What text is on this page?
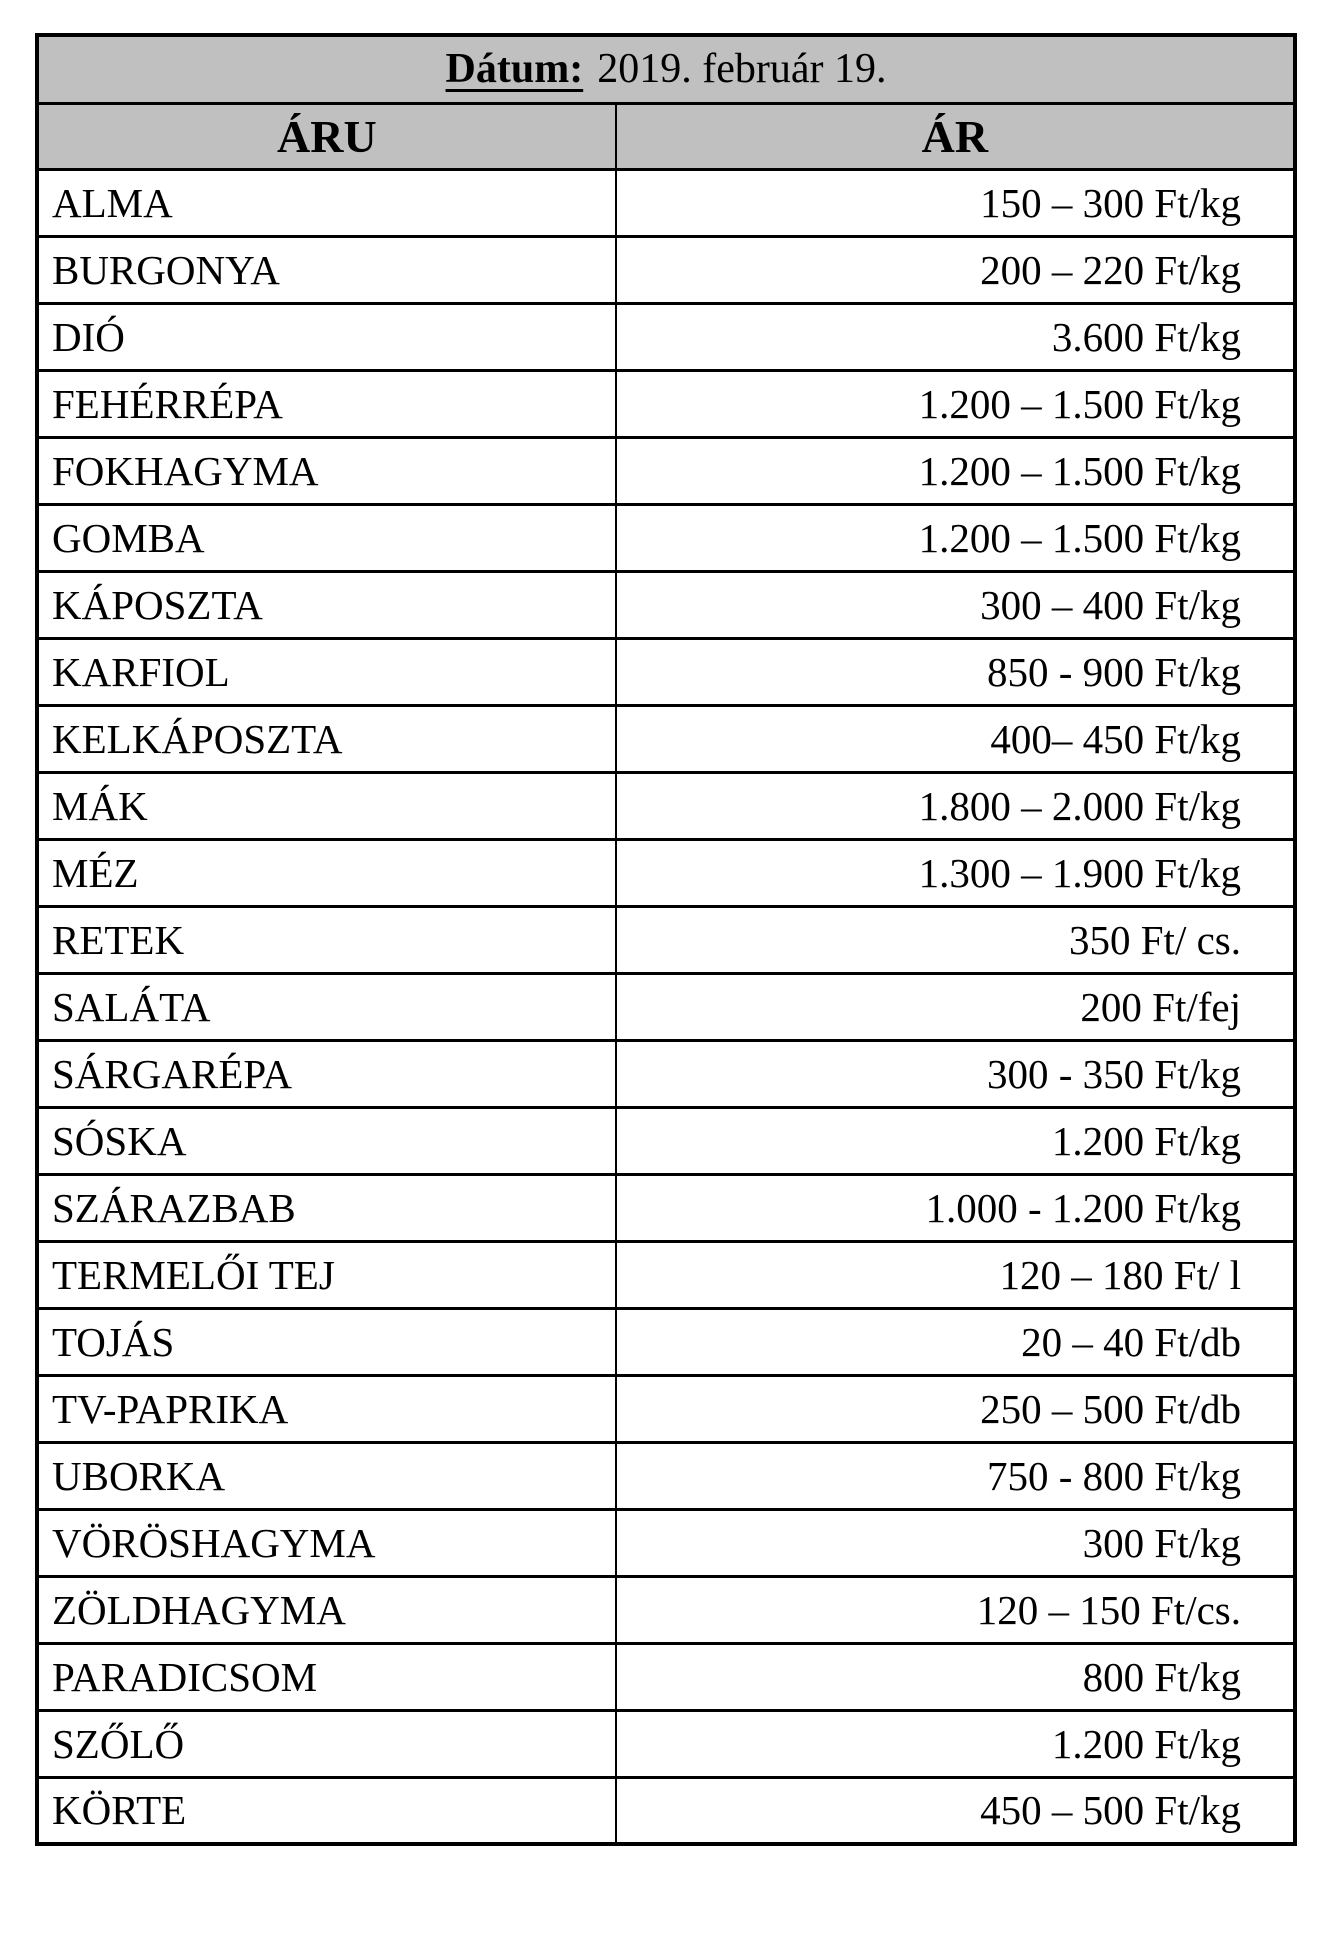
Dátum: 2019. február 19.	
ÁRU	ÁR
ALMA	150 – 300 Ft/kg
BURGONYA	200 – 220 Ft/kg
DIÓ	3.600 Ft/kg
FEHÉRRÉPA	1.200 – 1.500 Ft/kg
FOKHAGYMA	1.200 – 1.500 Ft/kg
GOMBA	1.200 – 1.500 Ft/kg
KÁPOSZTA	300 – 400 Ft/kg
KARFIOL	850 - 900 Ft/kg
KELKÁPOSZTA	400– 450 Ft/kg
MÁK	1.800 – 2.000 Ft/kg
MÉZ	1.300 – 1.900 Ft/kg
RETEK	350 Ft/ cs.
SALÁTA	200 Ft/fej
SÁRGARÉPA	300 - 350 Ft/kg
SÓSKA	1.200 Ft/kg
SZÁRAZBAB	1.000 - 1.200 Ft/kg
TERMELŐI TEJ	120 – 180 Ft/ l
TOJÁS	20 – 40 Ft/db
TV-PAPRIKA	250 – 500 Ft/db
UBORKA	750 - 800 Ft/kg
VÖRÖSHAGYMA	300 Ft/kg
ZÖLDHAGYMA	120 – 150 Ft/cs.
PARADICSOM	800 Ft/kg
SZŐLŐ	1.200 Ft/kg
KÖRTE	450 – 500 Ft/kg
